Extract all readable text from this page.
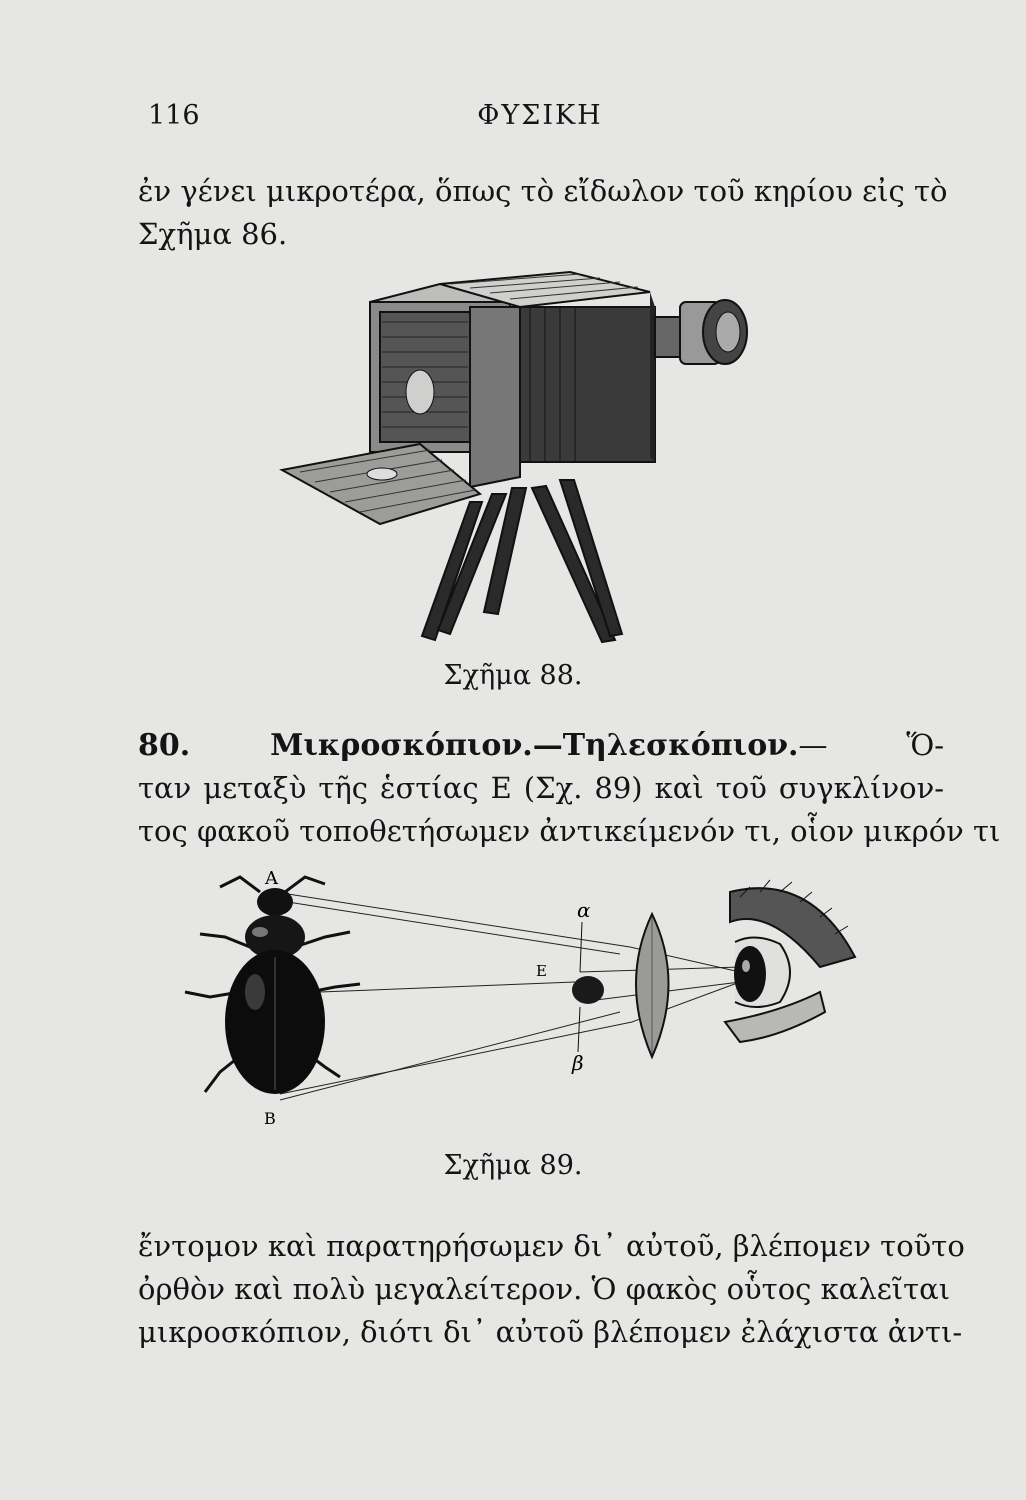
116	ΦΥΣΙΚΗ
ἐν γένει μικροτέρα, ὅπως τὸ εἴδωλον τοῦ κηρίου εἰς τὸ
Σχῆμα 86.
Σχῆμα 88.
80. Μικροσκόπιον.—Τηλεσκόπιον.— Ὅ-
ταν μεταξὺ τῆς ἑστίας Ε (Σχ. 89) καὶ τοῦ συγκλίνον-
τος φακοῦ τοποθετήσωμεν ἀντικείμενόν τι, οἷον μικρόν τι
A
B
E
α
β
Σχῆμα 89.
ἔντομον καὶ παρατηρήσωμεν δι᾽ αὐτοῦ, βλέπομεν τοῦτο
ὀρθὸν καὶ πολὺ μεγαλείτερον. Ὁ φακὸς οὗτος καλεῖται
μικροσκόπιον, διότι δι᾽ αὐτοῦ βλέπομεν ἐλάχιστα ἀντι-
